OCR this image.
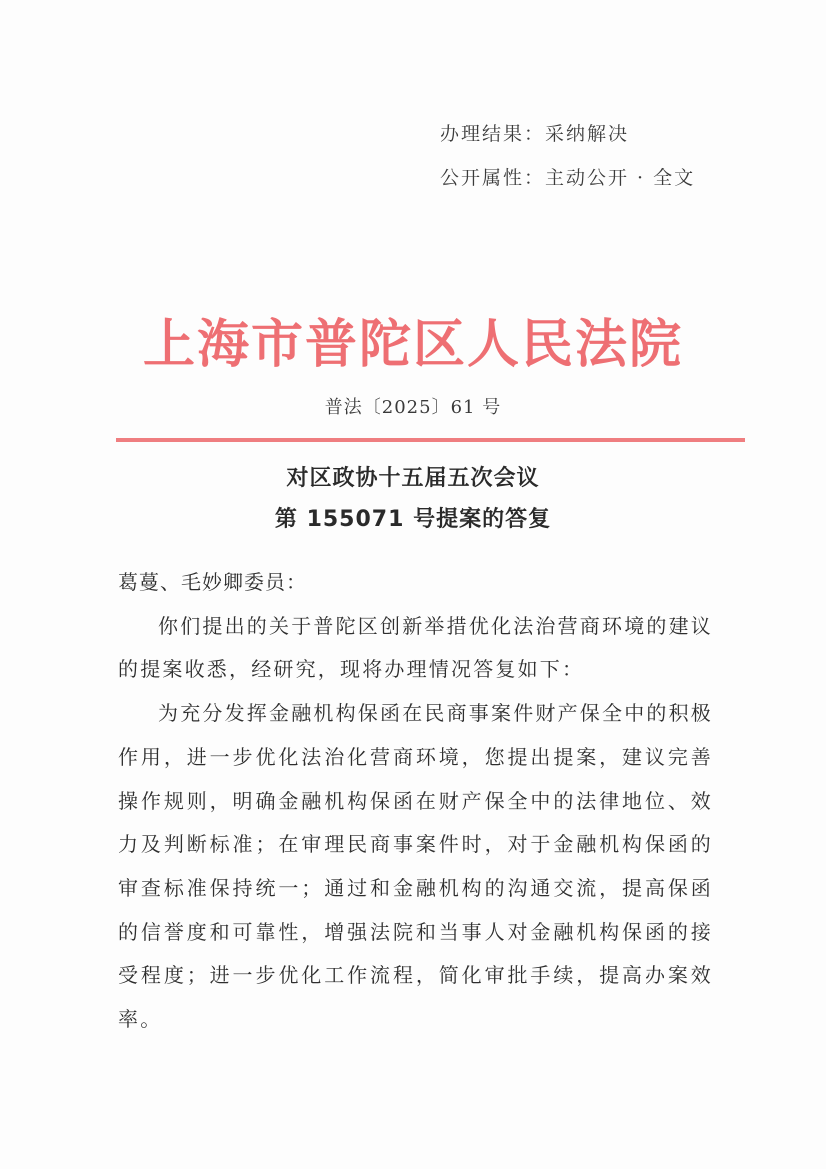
办理结果：采纳解决
公开属性：主动公开 · 全文
上海市普陀区人民法院
普法〔2025〕61 号
对区政协十五届五次会议
第 155071 号提案的答复

葛蔓、毛妙卿委员：

你们提出的关于普陀区创新举措优化法治营商环境的建议的提案收悉，经研究，现将办理情况答复如下：

为充分发挥金融机构保函在民商事案件财产保全中的积极作用，进一步优化法治化营商环境，您提出提案，建议完善操作规则，明确金融机构保函在财产保全中的法律地位、效力及判断标准；在审理民商事案件时，对于金融机构保函的审查标准保持统一；通过和金融机构的沟通交流，提高保函的信誉度和可靠性，增强法院和当事人对金融机构保函的接受程度；进一步优化工作流程，简化审批手续，提高办案效率。
